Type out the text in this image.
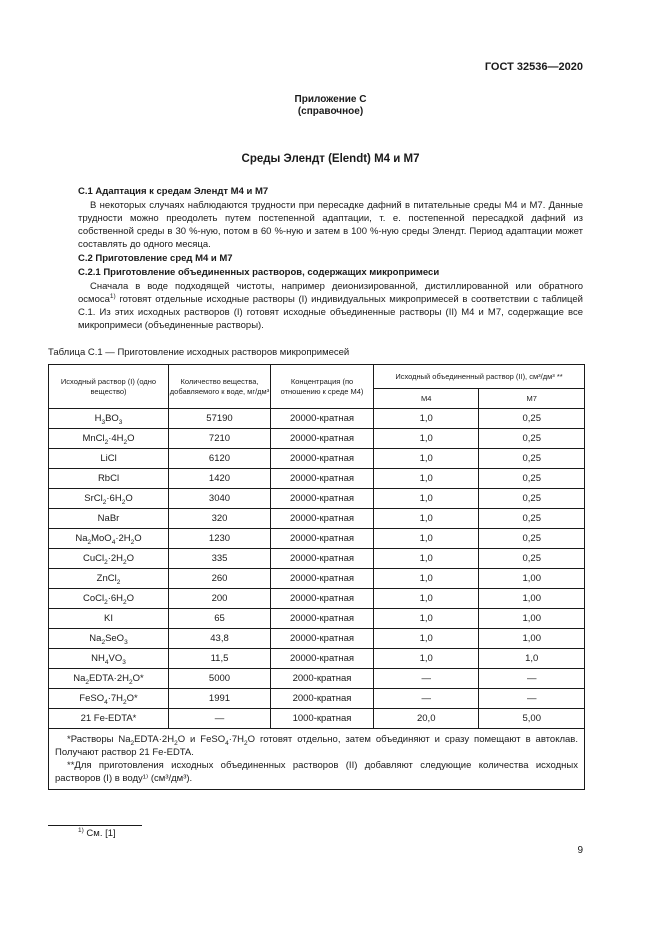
ГОСТ 32536—2020
Приложение С
(справочное)
Среды Элендт (Elendt) М4 и М7
С.1 Адаптация к средам Элендт М4 и М7
В некоторых случаях наблюдаются трудности при пересадке дафний в питательные среды М4 и М7. Данные трудности можно преодолеть путем постепенной адаптации, т. е. постепенной пересадкой дафний из собственной среды в 30 %-ную, потом в 60 %-ную и затем в 100 %-ную среды Элендт. Период адаптации может составлять до одного месяца.
С.2 Приготовление сред М4 и М7
С.2.1 Приготовление объединенных растворов, содержащих микропримеси
Сначала в воде подходящей чистоты, например деионизированной, дистиллированной или обратного осмоса$^{1)}$ готовят отдельные исходные растворы (I) индивидуальных микропримесей в соответствии с таблицей С.1. Из этих исходных растворов (I) готовят исходные объединенные растворы (II) М4 и М7, содержащие все микропримеси (объединенные растворы).
Таблица С.1 — Приготовление исходных растворов микропримесей
Исходный раствор (I) (одно вещество)	Количество вещества, добавляемого к воде, мг/дм³	Концентрация (по отношению к среде М4)	Исходный объединенный раствор (II), см³/дм³ **	
			М4	М7
$H_3BO_3$	57190	20000-кратная	1,0	0,25
$MnCl_2\cdot 4H_2O$	7210	20000-кратная	1,0	0,25
LiCl	6120	20000-кратная	1,0	0,25
RbCl	1420	20000-кратная	1,0	0,25
$SrCl_2\cdot 6H_2O$	3040	20000-кратная	1,0	0,25
NaBr	320	20000-кратная	1,0	0,25
$Na_2MoO_4\cdot 2H_2O$	1230	20000-кратная	1,0	0,25
$CuCl_2\cdot 2H_2O$	335	20000-кратная	1,0	0,25
ZnCl$_2$	260	20000-кратная	1,0	1,00
$CoCl_2\cdot 6H_2O$	200	20000-кратная	1,0	1,00
KI	65	20000-кратная	1,0	1,00
$Na_2SeO_3$	43,8	20000-кратная	1,0	1,00
$NH_4VO_3$	11,5	20000-кратная	1,0	1,0
$Na_2EDTA\cdot 2H_2O*$	5000	2000-кратная	—	—
$FeSO_4\cdot 7H_2O*$	1991	2000-кратная	—	—
21 Fe-EDTA*	—	1000-кратная	20,0	5,00

*Растворы $Na_2EDTA\cdot 2H_2O$ и $FeSO_4\cdot 7H_2O$ готовят отдельно, затем объединяют и сразу помещают в автоклав. Получают раствор 21 Fe-EDTA.
**Для приготовления исходных объединенных растворов (II) добавляют следующие количества исходных растворов (I) в воду¹⁾ (см³/дм³).				
$^{1)}$ См. [1]
9
